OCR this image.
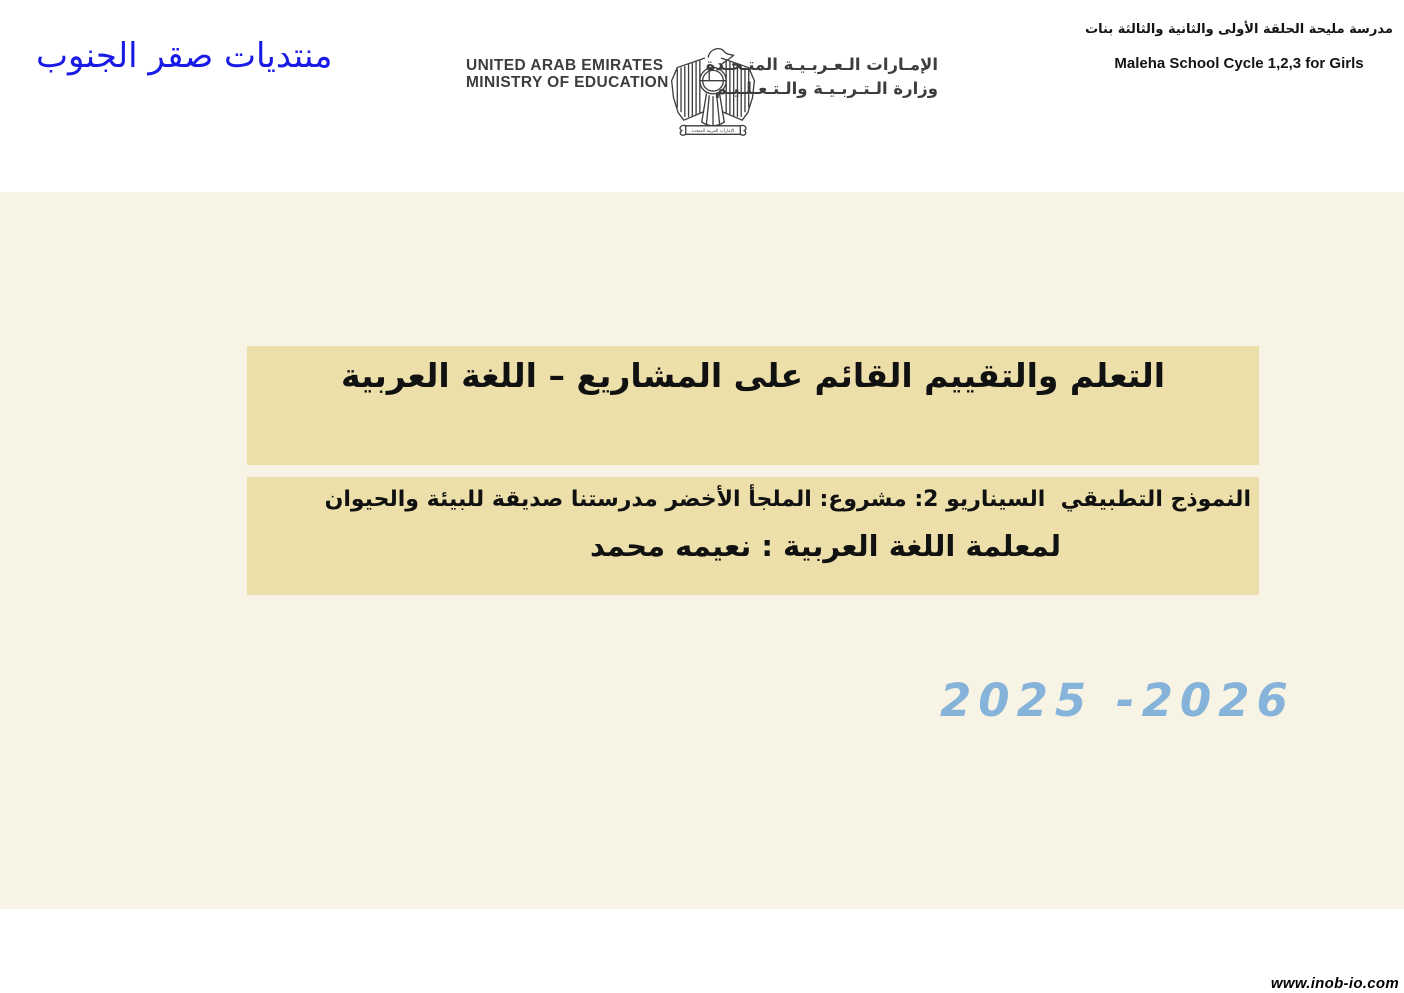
منتديات صقر الجنوب	UNITED ARAB EMIRATES
MINISTRY OF EDUCATION
الإمارات العربية المتحدة
الإمـارات الـعـربـيـة المتـحـدة
وزارة الـتـربـيـة والـتـعـلـيـم
مدرسة مليحة الحلقة الأولى والثانية والثالثة بنات
Maleha School Cycle 1,2,3 for Girls
التعلم والتقييم القائم على المشاريع – اللغة العربية
النموذج التطبيقي  السيناريو 2: مشروع: الملجأ الأخضر مدرستنا صديقة للبيئة والحيوان
لمعلمة اللغة العربية : نعيمه محمد
2025 -2026
www.inob-io.com
